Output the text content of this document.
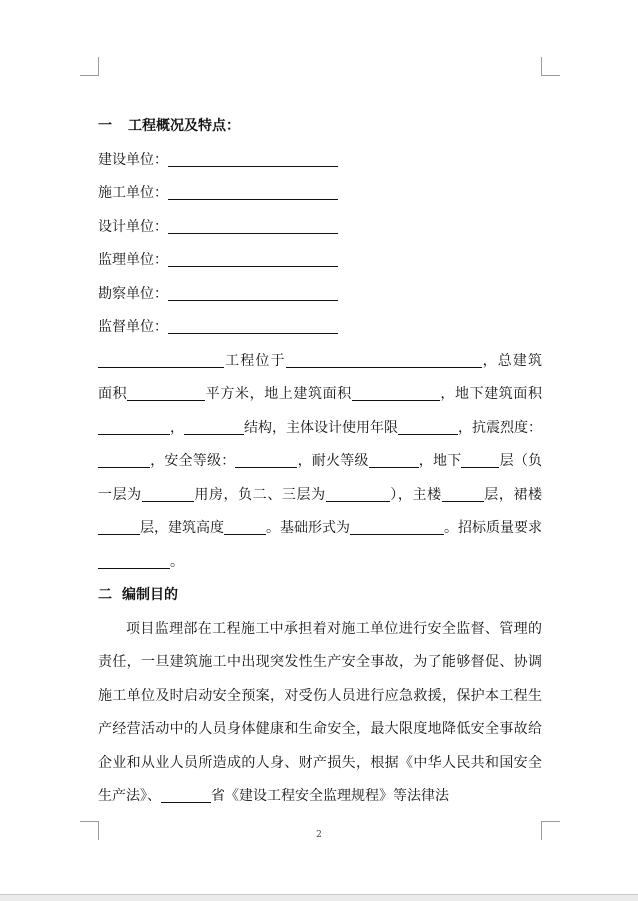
一 工程概况及特点：
建设单位：
施工单位：
设计单位：
监理单位：
勘察单位：
监督单位：
工程位于	，总建筑面积	平方米，地上建筑面积	，地下建筑面积，	结构，主体设计使用年限	，抗震烈度：，安全等级：	，耐火等级	，地下	层（负一层为	用房，负二、三层为	），主楼	层，裙楼层，建筑高度	。基础形式为	。招标质量要求。
二 编制目的
项目监理部在工程施工中承担着对施工单位进行安全监督、管理的责任，一旦建筑施工中出现突发性生产安全事故，为了能够督促、协调施工单位及时启动安全预案，对受伤人员进行应急救援，保护本工程生产经营活动中的人员身体健康和生命安全，最大限度地降低安全事故给企业和从业人员所造成的人身、财产损失，根据《中华人民共和国安全生产法》、	省《建设工程安全监理规程》等法律法
2
